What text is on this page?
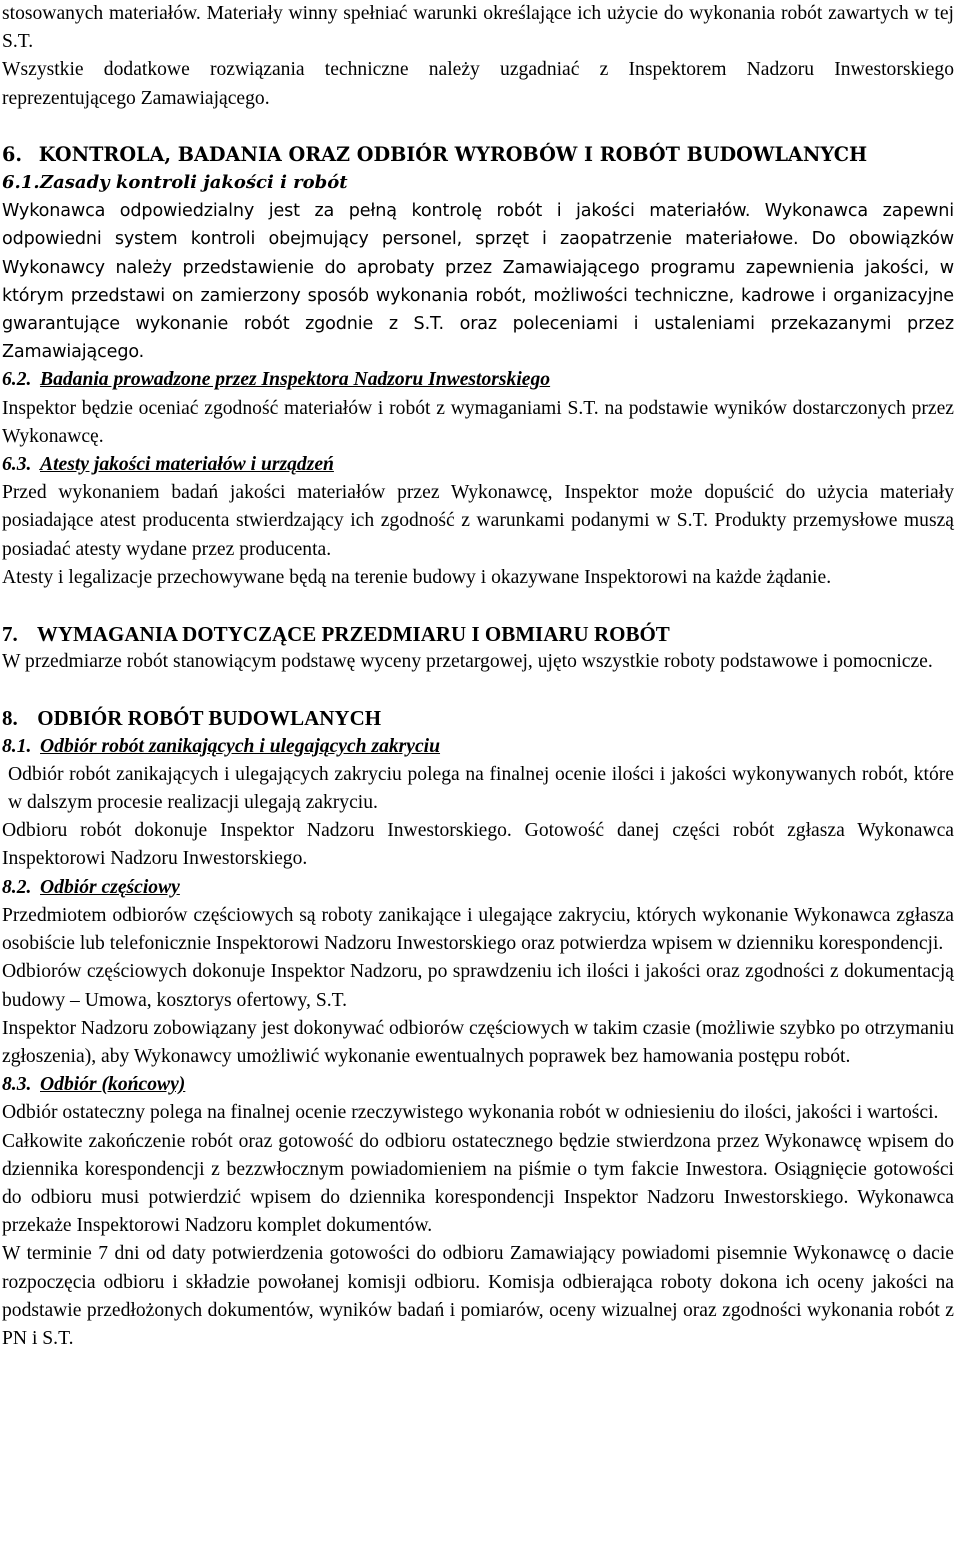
stosowanych materiałów. Materiały winny spełniać warunki określające ich użycie do wykonania robót zawartych w tej S.T.

Wszystkie dodatkowe rozwiązania techniczne należy uzgadniać z Inspektorem Nadzoru Inwestorskiego reprezentującego Zamawiającego.

6. KONTROLA, BADANIA ORAZ ODBIÓR WYROBÓW I ROBÓT BUDOWLANYCH
6.1.Zasady kontroli jakości i robót

Wykonawca odpowiedzialny jest za pełną kontrolę robót i jakości materiałów. Wykonawca zapewni odpowiedni system kontroli obejmujący personel, sprzęt i zaopatrzenie materiałowe. Do obowiązków Wykonawcy należy przedstawienie do aprobaty przez Zamawiającego programu zapewnienia jakości, w którym przedstawi on zamierzony sposób wykonania robót, możliwości techniczne, kadrowe i organizacyjne gwarantujące wykonanie robót zgodnie z S.T. oraz poleceniami i ustaleniami przekazanymi przez Zamawiającego.

6.2. Badania prowadzone przez Inspektora Nadzoru Inwestorskiego

Inspektor będzie oceniać zgodność materiałów i robót z wymaganiami S.T. na podstawie wyników dostarczonych przez Wykonawcę.

6.3. Atesty jakości materiałów i urządzeń

Przed wykonaniem badań jakości materiałów przez Wykonawcę, Inspektor może dopuścić do użycia materiały posiadające atest producenta stwierdzający ich zgodność z warunkami podanymi w S.T. Produkty przemysłowe muszą posiadać atesty wydane przez producenta.

Atesty i legalizacje przechowywane będą na terenie budowy i okazywane Inspektorowi na każde żądanie.

7. WYMAGANIA DOTYCZĄCE PRZEDMIARU I OBMIARU ROBÓT

W przedmiarze robót stanowiącym podstawę wyceny przetargowej, ujęto wszystkie roboty podstawowe i pomocnicze.

8. ODBIÓR ROBÓT BUDOWLANYCH
8.1. Odbiór robót zanikających i ulegających zakryciu

Odbiór robót zanikających i ulegających zakryciu polega na finalnej ocenie ilości i jakości wykonywanych robót, które w dalszym procesie realizacji ulegają zakryciu.

Odbioru robót dokonuje Inspektor Nadzoru Inwestorskiego. Gotowość danej części robót zgłasza Wykonawca Inspektorowi Nadzoru Inwestorskiego.

8.2. Odbiór częściowy

Przedmiotem odbiorów częściowych są roboty zanikające i ulegające zakryciu, których wykonanie Wykonawca zgłasza osobiście lub telefonicznie Inspektorowi Nadzoru Inwestorskiego oraz potwierdza wpisem w dzienniku korespondencji.

Odbiorów częściowych dokonuje Inspektor Nadzoru, po sprawdzeniu ich ilości i jakości oraz zgodności z dokumentacją budowy – Umowa, kosztorys ofertowy, S.T.

Inspektor Nadzoru zobowiązany jest dokonywać odbiorów częściowych w takim czasie (możliwie szybko po otrzymaniu zgłoszenia), aby Wykonawcy umożliwić wykonanie ewentualnych poprawek bez hamowania postępu robót.

8.3. Odbiór (końcowy)

Odbiór ostateczny polega na finalnej ocenie rzeczywistego wykonania robót w odniesieniu do ilości, jakości i wartości.

Całkowite zakończenie robót oraz gotowość do odbioru ostatecznego będzie stwierdzona przez Wykonawcę wpisem do dziennika korespondencji z bezzwłocznym powiadomieniem na piśmie o tym fakcie Inwestora. Osiągnięcie gotowości do odbioru musi potwierdzić wpisem do dziennika korespondencji Inspektor Nadzoru Inwestorskiego. Wykonawca przekaże Inspektorowi Nadzoru komplet dokumentów.

W terminie 7 dni od daty potwierdzenia gotowości do odbioru Zamawiający powiadomi pisemnie Wykonawcę o dacie rozpoczęcia odbioru i składzie powołanej komisji odbioru. Komisja odbierająca roboty dokona ich oceny jakości na podstawie przedłożonych dokumentów, wyników badań i pomiarów, oceny wizualnej oraz zgodności wykonania robót z PN i S.T.
